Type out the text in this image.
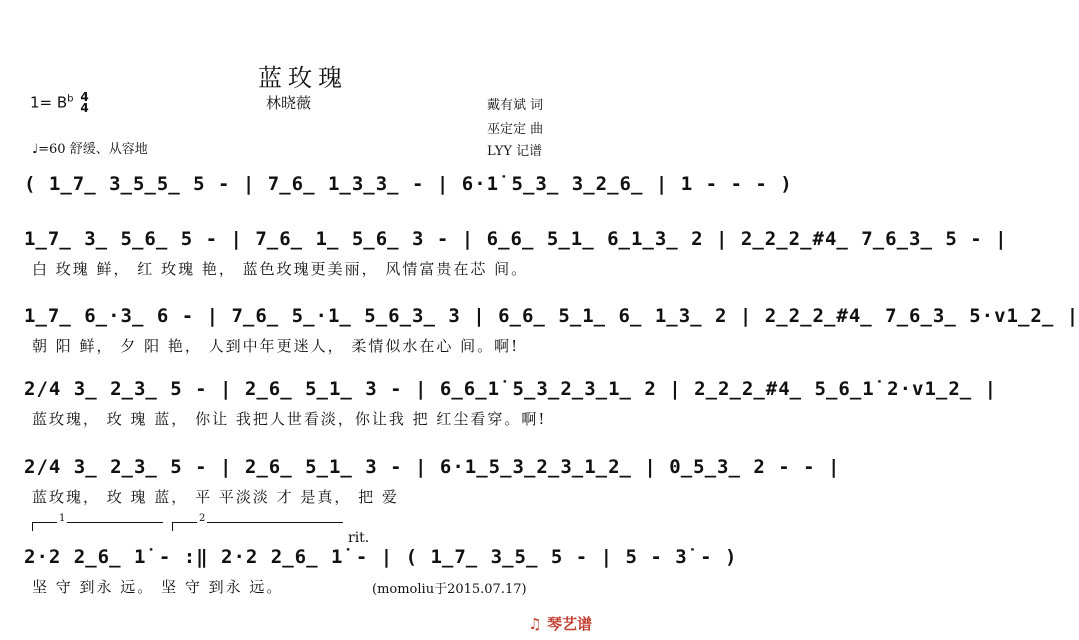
蓝玫瑰
$1= B^b$ 4
4	林晓薇	戴有斌 词
巫定定 曲
LYY 记谱
♩=60 舒缓、从容地
( 1̲7̲ 3̲5̲5̲ 5 - | 7̲6̲ 1̲3̲3̲ - | 6·1̇ 5̲3̲ 3̲2̲6̲ | 1 - - - )
1̲7̲ 3̲ 5̲6̲ 5 - | 7̲6̲ 1̲ 5̲6̲ 3 - | 6̲6̲ 5̲1̲ 6̲1̲3̲ 2 | 2̲2̲2̲#4̲ 7̲6̲3̲ 5 - |
白 玫瑰 鲜， 红 玫瑰 艳， 蓝色玫瑰更美丽， 风情富贵在芯 间。
1̲7̲ 6̲·3̲ 6 - | 7̲6̲ 5̲·1̲ 5̲6̲3̲ 3 | 6̲6̲ 5̲1̲ 6̲ 1̲3̲ 2 | 2̲2̲2̲#4̲ 7̲6̲3̲ 5·v1̲2̲ |
朝 阳 鲜， 夕 阳 艳， 人到中年更迷人， 柔情似水在心 间。啊!
2/4 3̲ 2̲3̲ 5 - | 2̲6̲ 5̲1̲ 3 - | 6̲6̲1̇ 5̲3̲2̲3̲1̲ 2 | 2̲2̲2̲#4̲ 5̲6̲1̇ 2·v1̲2̲ |
蓝玫瑰， 玫 瑰 蓝， 你让 我把人世看淡，你让我 把 红尘看穿。啊!
2/4 3̲ 2̲3̲ 5 - | 2̲6̲ 5̲1̲ 3 - | 6·1̲5̲3̲2̲3̲1̲2̲ | 0̲5̲3̲ 2 - - |
蓝玫瑰， 玫 瑰 蓝， 平 平淡淡 才 是真， 把 爱
1	2
rit.
2·2 2̲6̲ 1̇ - :‖ 2·2 2̲6̲ 1̇ - | ( 1̲7̲ 3̲5̲ 5 - | 5 - 3̇ - )
坚 守 到永 远。 坚 守 到永 远。	(momoliu于2015.07.17)
♫ 琴艺谱
